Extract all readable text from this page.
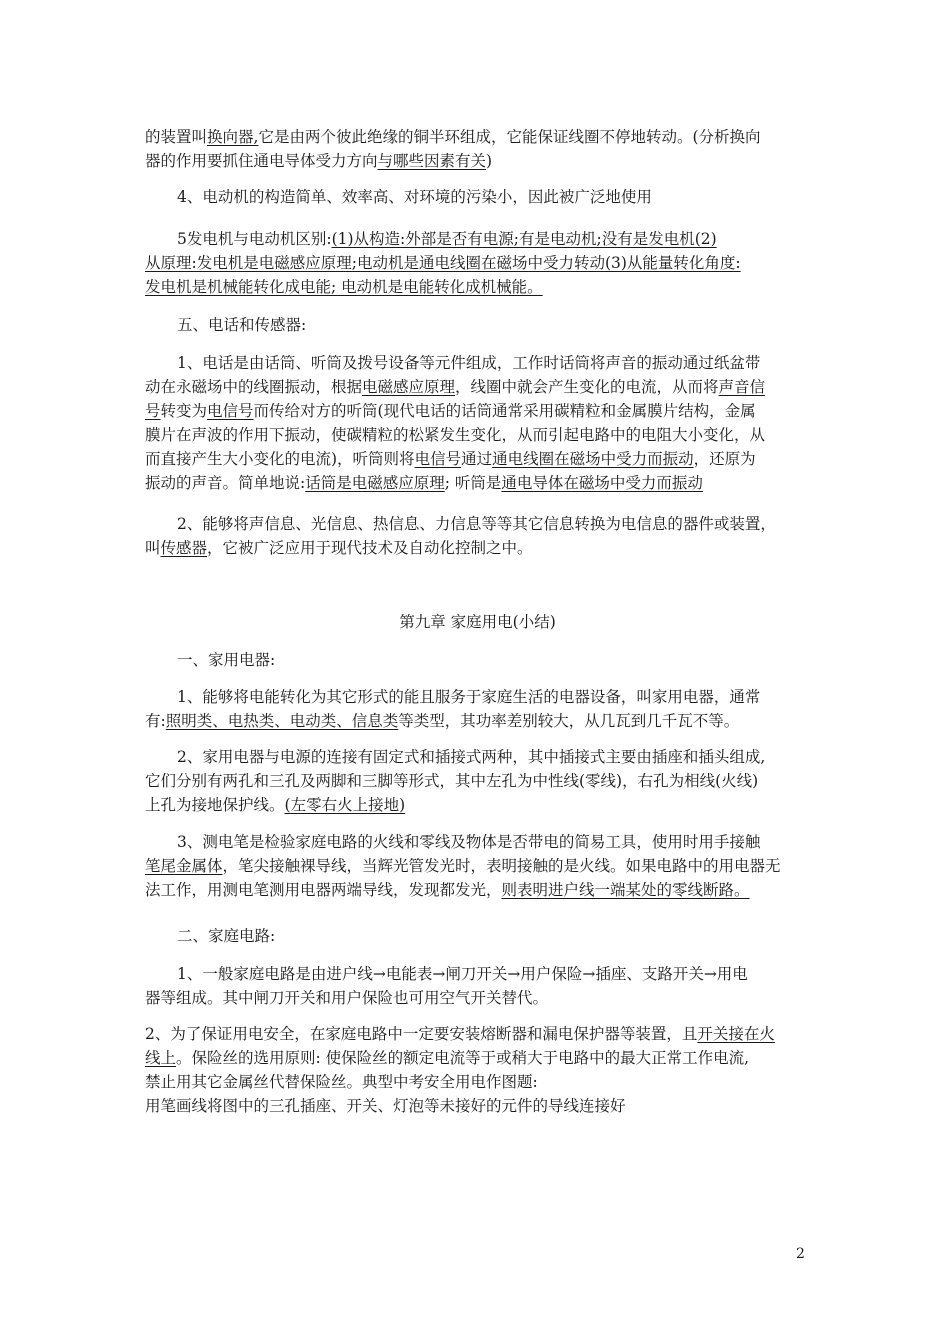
的装置叫换向器,它是由两个彼此绝缘的铜半环组成，它能保证线圈不停地转动。(分析换向
器的作用要抓住通电导体受力方向与哪些因素有关)
4、电动机的构造简单、效率高、对环境的污染小，因此被广泛地使用
5发电机与电动机区别:(1)从构造:外部是否有电源;有是电动机;没有是发电机(2)
从原理:发电机是电磁感应原理;电动机是通电线圈在磁场中受力转动(3)从能量转化角度:
发电机是机械能转化成电能; 电动机是电能转化成机械能。
五、电话和传感器:
1、电话是由话筒、听筒及拨号设备等元件组成，工作时话筒将声音的振动通过纸盆带
动在永磁场中的线圈振动，根据电磁感应原理，线圈中就会产生变化的电流，从而将声音信
号转变为电信号而传给对方的听筒(现代电话的话筒通常采用碳精粒和金属膜片结构，金属
膜片在声波的作用下振动，使碳精粒的松紧发生变化，从而引起电路中的电阻大小变化，从
而直接产生大小变化的电流)，听筒则将电信号通过通电线圈在磁场中受力而振动，还原为
振动的声音。简单地说:话筒是电磁感应原理; 听筒是通电导体在磁场中受力而振动
2、能够将声信息、光信息、热信息、力信息等等其它信息转换为电信息的器件或装置，
叫传感器，它被广泛应用于现代技术及自动化控制之中。
第九章 家庭用电(小结)
一、家用电器:
1、能够将电能转化为其它形式的能且服务于家庭生活的电器设备，叫家用电器，通常
有:照明类、电热类、电动类、信息类等类型，其功率差别较大，从几瓦到几千瓦不等。
2、家用电器与电源的连接有固定式和插接式两种，其中插接式主要由插座和插头组成,
它们分别有两孔和三孔及两脚和三脚等形式，其中左孔为中性线(零线)，右孔为相线(火线)
上孔为接地保护线。(左零右火上接地)
3、测电笔是检验家庭电路的火线和零线及物体是否带电的简易工具，使用时用手接触
笔尾金属体，笔尖接触裸导线，当辉光管发光时，表明接触的是火线。如果电路中的用电器无
法工作，用测电笔测用电器两端导线，发现都发光，则表明进户线一端某处的零线断路。
二、家庭电路:
1、一般家庭电路是由进户线→电能表→闸刀开关→用户保险→插座、支路开关→用电
器等组成。其中闸刀开关和用户保险也可用空气开关替代。
2、为了保证用电安全，在家庭电路中一定要安装熔断器和漏电保护器等装置，且开关接在火
线上。保险丝的选用原则: 使保险丝的额定电流等于或稍大于电路中的最大正常工作电流,
禁止用其它金属丝代替保险丝。典型中考安全用电作图题:
用笔画线将图中的三孔插座、开关、灯泡等未接好的元件的导线连接好
2
